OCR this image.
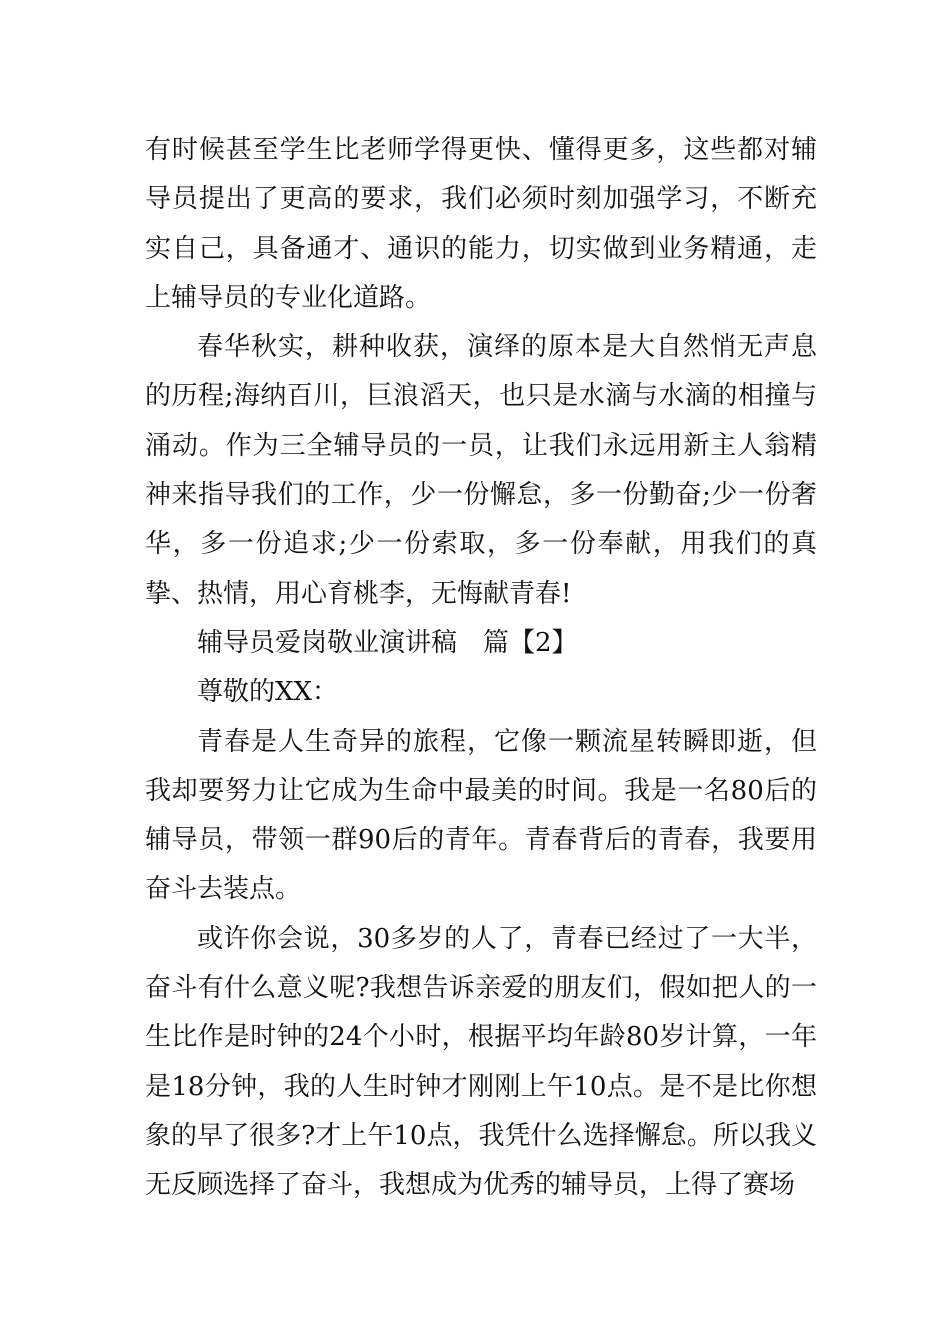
有时候甚至学生比老师学得更快、懂得更多，这些都对辅导员提出了更高的要求，我们必须时刻加强学习，不断充实自己，具备通才、通识的能力，切实做到业务精通，走上辅导员的专业化道路。

春华秋实，耕种收获，演绎的原本是大自然悄无声息的历程;海纳百川，巨浪滔天，也只是水滴与水滴的相撞与涌动。作为三全辅导员的一员，让我们永远用新主人翁精神来指导我们的工作，少一份懈怠，多一份勤奋;少一份奢华，多一份追求;少一份索取，多一份奉献，用我们的真挚、热情，用心育桃李，无悔献青春!

辅导员爱岗敬业演讲稿　篇【2】

尊敬的XX：

青春是人生奇异的旅程，它像一颗流星转瞬即逝，但我却要努力让它成为生命中最美的时间。我是一名80后的辅导员，带领一群90后的青年。青春背后的青春，我要用奋斗去装点。

或许你会说，30多岁的人了，青春已经过了一大半，奋斗有什么意义呢?我想告诉亲爱的朋友们，假如把人的一生比作是时钟的24个小时，根据平均年龄80岁计算，一年是18分钟，我的人生时钟才刚刚上午10点。是不是比你想象的早了很多?才上午10点，我凭什么选择懈怠。所以我义无反顾选择了奋斗，我想成为优秀的辅导员，上得了赛场
